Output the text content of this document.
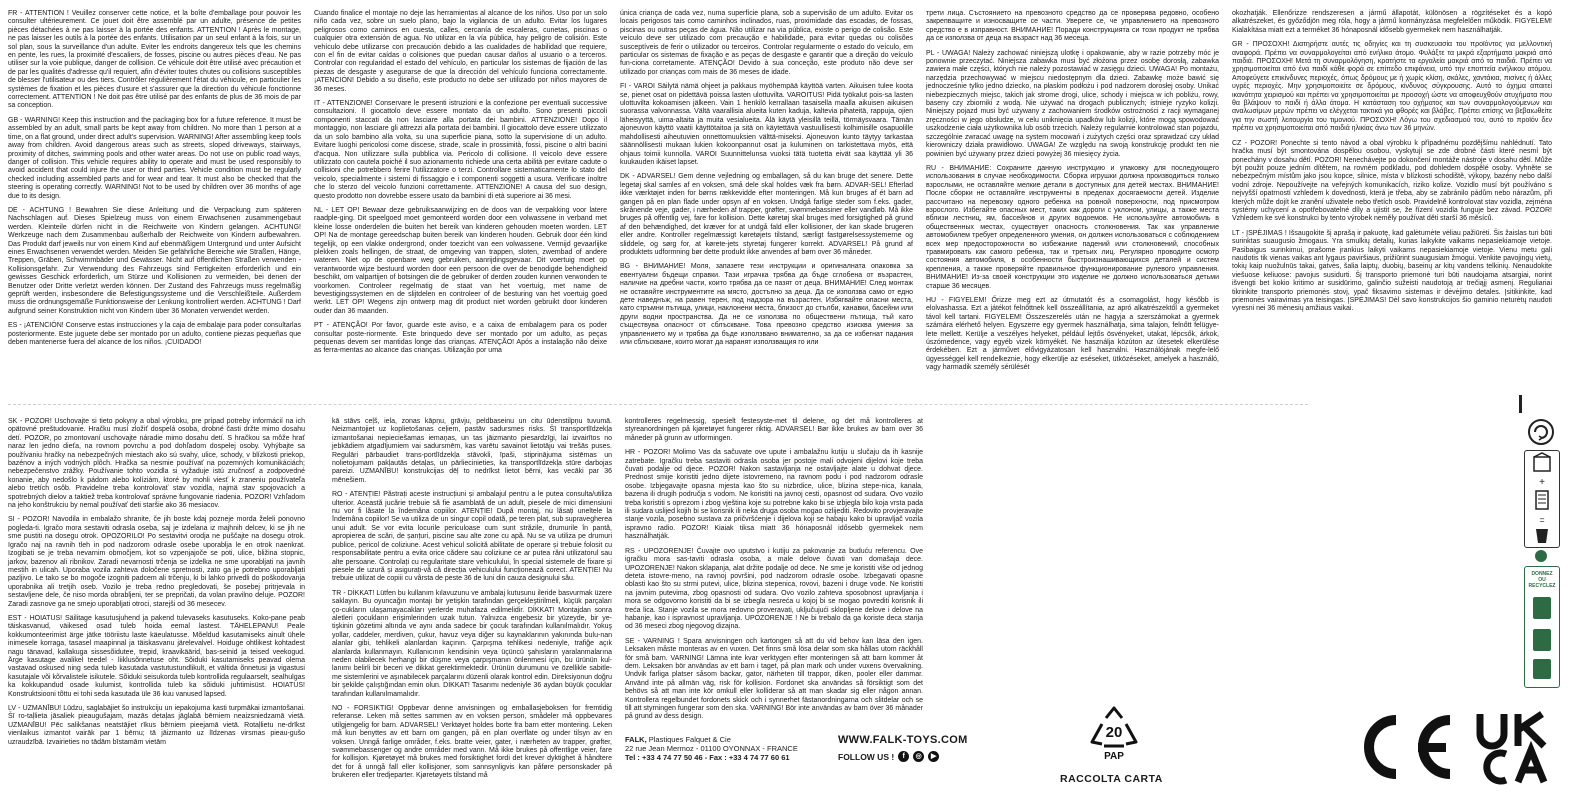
FR - ATTENTION ! Veuillez conserver cette notice, et la boîte d'emballage pour pouvoir les consulter ultérieurement. Ce jouet doit être assemblé par un adulte, présence de petites pièces détachées à ne pas laisser à la portée des enfants. ATTENTION ! Après le montage, ne pas laisser les outils à la portée des enfants. Utilisation par un seul enfant à la fois, sur un sol plan, sous la surveillance d'un adulte. Eviter les endroits dangereux tels que les chemins en pente, les rues, la proximité d'escaliers, de fosses, piscine ou autres pièces d'eau. Ne pas utiliser sur la voie publique, danger de collision. Ce véhicule doit être utilisé avec précaution et de par les qualités d'adresse qu'il requiert, afin d'éviter toutes chutes ou collisions susceptibles de blesser l'utilisateur ou des tiers. Contrôler régulièrement l'état du véhicule, en particulier les systèmes de fixation et les pièces d'usure et s'assurer que la direction du véhicule fonctionne correctement. ATTENTION ! Ne doit pas être utilisé par des enfants de plus de 36 mois de par sa conception.

GB - WARNING! Keep this instruction and the packaging box for a future reference. It must be assembled by an adult, small parts be kept away from children. No more than 1 person at a time, on a flat ground, under direct adult's supervision. WARNING! After assembling keep tools away from children. Avoid dangerous areas such as streets, sloped driveways, stairways, proximity of ditches, swimming pools and other water areas. Do not use on public road ways, danger of collision. This vehicle requires ability to operate and must be used responsibly to avoid accident that could injure the user or third parties. Vehicle condition must be regularly checked including assembled parts and for wear and tear. It must also be checked that the steering is operating correctly. WARNING! Not to be used by children over 36 months of age due to its design.

DE - ACHTUNG ! Bewahren Sie diese Anleitung und die Verpackung zum späteren Nachschlagen auf. Dieses Spielzeug muss von einem Erwachsenen zusammengebaut werden. Kleinteile dürfen nicht in die Reichweite von Kindern gelangen. ACHTUNG! Werkzeuge nach dem Zusammenbau außerhalb der Reichweite von Kindern aufbewahren. Das Produkt darf jeweils nur von einem Kind auf ebenmäßigem Untergrund und unter Aufsicht eines Erwachsenen verwendet werden. Meiden Sie gefährliche Bereiche wie Straßen, Hänge, Treppen, Gräben, Schwimmbäder und Gewässer. Nicht auf öffentlichen Straßen verwenden - Kollisionsgefahr. Zur Verwendung des Fahrzeugs sind Fertigkeiten erforderlich und ein gewisses Geschick erforderlich, um Stürze und Kollisionen zu vermeiden, bei denen der Benutzer oder Dritte verletzt werden können. Der Zustand des Fahrzeugs muss regelmäßig geprüft werden, insbesondere die Befestigungssysteme und die Verschleißteile. Außerdem muss die ordnungsgemäße Funktionsweise der Lenkung kontrolliert werden. ACHTUNG ! Darf aufgrund seiner Konstruktion nicht von Kindern über 36 Monaten verwendet werden.

ES - ¡ATENCIÓN! Conserve estas instrucciones y la caja de embalaje para poder consultarlas posteriormente. Este juguete debe ser montado por un adulto, contiene piezas pequeñas que deben mantenerse fuera del alcance de los niños. ¡CUIDADO!

Cuando finalice el montaje no deje las herramientas al alcance de los niños. Uso por un solo niño cada vez, sobre un suelo plano, bajo la vigilancia de un adulto. Evitar los lugares peligrosos como caminos en cuesta, calles, cercanía de escaleras, cunetas, piscinas o cualquier otra extensión de agua. No utilizar en la vía pública, hay peligro de colisión. Este vehículo debe utilizarse con precaución debido a las cualidades de habilidad que requiere, con el fin de evitar caídas o colisiones que puedan causar daños al usuario o a terceros. Controlar con regularidad el estado del vehículo, en particular los sistemas de fijación de las piezas de desgaste y asegurarse de que la dirección del vehículo funciona correctamente. ¡ATENCIÓN! Debido a su diseño, este producto no debe ser utilizado por niños mayores de 36 meses.

IT - ATTENZIONE! Conservare le presenti istruzioni e la confezione per eventuali successive consultazioni. Il giocattolo deve essere montato da un adulto. Sono presenti piccoli componenti staccati da non lasciare alla portata dei bambini. ATTENZIONE! Dopo il montaggio, non lasciare gli attrezzi alla portata dei bambini. Il giocattolo deve essere utilizzato da un solo bambino alla volta, su una superficie piana, sotto la supervisione di un adulto. Evitare luoghi pericolosi come discese, strade, scale in prossimità, fossi, piscine o altri bacini d'acqua. Non utilizzare sulla pubblica via. Pericolo di collisione. Il veicolo deve essere utilizzato con cautela poiché il suo azionamento richiede una certa abilità per evitare cadute o collisioni che potrebbero ferire l'utilizzatore o terzi. Controllare sistematicamente lo stato del veicolo, specialmente i sistemi di fissaggio e i componenti soggetti a usura. Verificare inoltre che lo sterzo del veicolo funzioni correttamente. ATTENZIONE! A causa del suo design, questo prodotto non dovrebbe essere usato da bambini di età superiore ai 36 mesi.

NL - LET OP! Bewaar deze gebruiksaanwijzing en de doos van de verpakking voor latere raadple-ging. Dit speelgoed moet gemonteerd worden door een volwassene in verband met kleine losse onderdelen die buiten het bereik van kinderen gehouden moeten worden. LET OP! Na de montage gereedschap buiten bereik van kinderen houden. Gebruik door één kind tegelijk, op een vlakke ondergrond, onder toezicht van een volwassene. Vermijd gevaarlijke plekken zoals hellingen, de straat, de omgeving van trappen, sloten, zwembad of andere wateren. Niet op de openbare weg gebruiken, aanrijdingsgevaar. Dit voertuig moet op verantwoorde wijze bestuurd worden door een persoon die over de benodigde behendigheid beschikt, om valpartijen of botsingen die de gebruiker of derden zouden kunnen verwonden te voorkomen. Controleer regelmatig de staat van het voertuig, met name de bevestigingssystemen en de slijtdelen en controleer of de besturing van het voertuig goed werkt. LET OP! Wegens zijn ontwerp mag dit product niet worden gebruikt door kinderen ouder dan 36 maanden.

PT - ATENÇÃO! Por favor, guarde este aviso, e a caixa de embalagem para os poder consultar poste-riormente. Este brinquedo deve ser montado por um adulto, as peças pequenas devem ser mantidas longe das crianças. ATENÇÃO! Após a instalação não deixe as ferra-mentas ao alcance das crianças. Utilização por uma

única criança de cada vez, numa superfície plana, sob a supervisão de um adulto. Evitar os locais perigosos tais como caminhos inclinados, ruas, proximidade das escadas, de fossas, piscinas ou outras peças de água. Não utilizar na via pública, existe o perigo de colisão. Este veículo deve ser utilizado com precaução e habilidade, para evitar quedas ou colisões susceptíveis de ferir o utilizador ou terceiros. Controlar regularmente o estado do veículo, em particular os sistemas de fixação e as peças de desgaste e garantir que a direção do veículo fun-ciona corretamente. ATENÇÃO! Devido à sua conceção, este produto não deve ser utilizado por crianças com mais de 36 meses de idade.

FI - VAROI Säilytä nämä ohjeet ja pakkaus myöhempää käyttöä varten. Aikuisen tulee koota se, pienet osat on pidettävä poissa lasten ulottuvilta. VAROITUS! Pidä työkalut pois-sa lasten ulottuvilta kokoamisen jälkeen. Vain 1 henkilö kerrallaan tasaisella maalla aikuisen aikuisen suorassa valvonnassa. Vältä vaarallisia alueita kuten kaduja, kaltevia pihateitä, rappuja, ojien läheisyyttä, uima-altaita ja muita vesialueita. Älä käytä yleisillä teillä, törmäysvaara. Tämän ajoneuvon käyttö vaatii käyttötaitoa ja sitä on käytettävä vastuullisesti kolhimisille osapuolille mahdollisesti aiheutuvien onnettomuuksien välttä-miseksi. Ajoneuvon kunto täytyy tarkastaa säännöllisesti mukaan lukien kokoonpannut osat ja kuluminen on tarkistettava myös, että ohjaus toimii kunnolla. VAROI Suunnittelunsa vuoksi tätä tuotetta eivät saa käyttää yli 36 kuukauden ikäiset lapset.

DK - ADVARSEL! Gem denne vejledning og emballagen, så du kan bruge det senere. Dette legetøj skal samles af en voksen, små dele skal holdes væk fra børn. ADVAR-SEL! Efterlad ikke værktøjet inden for børns rækkevidde efter monteringen. Må kun bruges af ét barn ad gangen på en plan flade under opsyn af en voksen. Undgå farlige steder som f.eks. gader, skrånende veje, gader, i nærheden af trapper, grøfter, svømmebassiner eller vandløb. Må ikke bruges på offentlig vej, fare for kollision. Dette køretøj skal bruges med forsigtighed på grund af den behændighed, det kræver for at undgå fald eller kollisioner, der kan skade brugeren eller andre. Kontroller regelmæssigt køretøjets tilstand, særligt fastgørelsessystemerne og sliddele, og sørg for, at kørete-jets styretøj fungerer korrekt. ADVARSEL! På grund af produktets udformning bør dette produkt ikke anvendes af børn over 36 måneder.

BG - ВНИМАНИЕ! Моля, запазете тези инструкции и оригиналната опаковка за евентуални бъдещи справки. Тази играчка трябва да бъде сглобена от възрастен, наличие на дребни части, които трябва да се пазят от деца. ВНИМАНИЕ! След монтаж не оставяйте инструментите на място, достъпно за деца. Да се използва само от едно дете наведнъж, на равен терен, под надзора на възрастен. Избягвайте опасни места, като стръмни пътища, улици, наклонени места, близост до стълби, канавки, басейни или други водни пространства. Да не се използва по обществени пътища, тъй като съществува опасност от сблъскване. Това превозно средство изисква умения за управлението му и трябва да бъде използвано внимателно, за да се избегнат падания или сблъскване, които могат да наранят използващия го или

трети лица. Състоянието на превозното средство да се проверява редовно, особено закрепващите и износващите се части. Уверете се, че управлението на превозното средство е в изправност. ВНИМАНИЕ! Поради конструкцията си този продукт не трябва да се използва от деца на възраст над 36 месеца.

PL - UWAGA! Należy zachować niniejszą ulotkę i opakowanie, aby w razie potrzeby móc je ponownie przeczytać. Niniejsza zabawka musi być złożona przez osobę dorosłą, zabawka zawiera małe części, których nie należy pozostawiać w zasięgu dzieci. UWAGA! Po montażu, narzędzia przechowywać w miejscu niedostępnym dla dzieci. Zabawkę może bawić się jednocześnie tylko jedno dziecko, na płaskim podłożu i pod nadzorem dorosłej osoby. Unikać niebezpiecznych miejsc, takich jak strome drogi, ulice, schody i miejsca w ich pobliżu, rowy, baseny czy zbiorniki z wodą. Nie używać na drogach publicznych; istnieje ryzyko kolizji. Niniejszy pojazd musi być używany z zachowaniem środków ostrożności z racji wymaganej zręczności w jego obsłudze, w celu uniknięcia upadków lub kolizji, które mogą spowodować uszkodzenie ciała użytkownika lub osób trzecich. Należy regularnie kontrolować stan pojazdu, szczególnie zwracać uwagę na system mocowań i zużytych części oraz sprawdzać czy układ kierowniczy działa prawidłowo. UWAGA! Ze względu na swoją konstrukcję produkt ten nie powinien być używany przez dzieci powyżej 36 miesięcy życia.

RU - ВНИМАНИЕ: Сохраните данную инструкцию и упаковку для последующего использования в случае необходимости. Сборка игрушки должна производиться только взрослыми, не оставляйте мелкие детали в доступных для детей местах. ВНИМАНИЕ! После сборки не оставляйте инструменты в пределах досягаемости детей. Изделие рассчитано на перевозку одного ребенка на ровной поверхности, под присмотром взрослого. Избегайте опасных мест, таких как дороги с уклоном, улицы, а также места вблизи лестниц, ям, бассейнов и других водоемов. Не используйте автомобиль в общественных местах, существует опасность столкновения. Так как управление автомобилем требует определенного умения, он должен использоваться с соблюдением всех мер предосторожности во избежание падений или столкновений, способных травмировать как самого ребенка, так и третьих лиц. Регулярно проводите осмотр состояния автомобиля, в особенности быстроизнашивающихся деталей и систем крепления, а также проверяйте правильное функционирование рулевого управления. ВНИМАНИЕ! Из-за своей конструкции это изделие не должно использоваться детьми старше 36 месяцев.

HU - FIGYELEM! Őrizze meg ezt az útmutatót és a csomagolást, hogy később is elolvashassa. Ezt a játékot felnőttnek kell összeállítania, az apró alkatrészektől a gyermeket távol kell tartani. FIGYELEM! Összeszerelés után ne hagyja a szerszámokat a gyermek számára elérhető helyen. Egyszerre egy gyermek használhatja, sima talajon, felnőtt felügye-lete mellett. Kerülje a veszélyes helyeket, például lejtős ösvényeket, utakat, lépcsők, árkok, úszómedence, vagy egyéb vizek környékét. Ne használja közúton az útesetek elkerülése érdekében. Ezt a járművet elővigyázatosan kell használni. Használójának megfe-lelő ügyességgel kell rendelkeznie, hogy elkerülje az eséseket, ütközéseket, amelyek a használó, vagy harmadik személy sérülését

okozhatják. Ellenőrizze rendszeresen a jármű állapotát, különösen a rögzítéseket és a kopó alkatrészeket, és győződjön meg róla, hogy a jármű kormányzása megfelelően működik. FIGYELEM! Kialakítása miatt ezt a terméket 36 hónaposnál idősebb gyermekek nem használhatják.

GR - ΠΡΟΣΟΧΗ! Διατηρήστε αυτές τις οδηγίες και τη συσκευασία του προϊόντος για μελλοντική αναφορά. Πρέπει να συναρμολογείται από ενήλικο άτομο. Φυλάξτε τα μικρά εξαρτήματα μακριά από παιδιά. ΠΡΟΣΟΧΗ! Μετά τη συναρμολόγηση, κρατήστε τα εργαλεία μακριά από τα παιδιά. Πρέπει να χρησιμοποιείται από ένα παιδί κάθε φορά σε επίπεδο επιφάνεια, υπό την εποπτεία ενήλικου ατόμου. Αποφεύγετε επικίνδυνες περιοχές, όπως δρόμους με ή χωρίς κλίση, σκάλες, χαντάκια, πισίνες ή άλλες υγρές περιοχές. Μην χρησιμοποιείτε σε δρόμους, κίνδυνος σύγκρουσης. Αυτό το όχημα απαιτεί ικανότητα χειρισμού και πρέπει να χρησιμοποιείται με προσοχή ώστε να αποφευχθούν ατυχήματα που θα βλάψουν το παιδί ή άλλα άτομα. Η κατάσταση του οχήματος και των συναρμολογούμενων και αναλωσίμων μερών πρέπει να ελέγχεται τακτικά για φθορές και βλάβες. Πρέπει επίσης να βεβαιωθείτε για την σωστή λειτουργία του τιμονιού. ΠΡΟΣΟΧΗ! Λόγω του σχεδιασμού του, αυτό το προϊόν δεν πρέπει να χρησιμοποιείται από παιδιά ηλικίας άνω των 36 μηνών.

CZ - POZOR! Ponechte si tento návod a obal výrobku k případnému pozdějšímu nahlédnutí. Tato hračka musí být smontována dospělou osobou, vyskytují se zde drobné části které nesmí být ponechány v dosahu dětí. POZOR! Nenechávejte po dokončení montáže nástroje v dosahu dětí. Může být použit pouze jedním dítětem, na rovném podkladu, pod dohledem dospělé osoby. Vyhněte se nebezpečným místům jako jsou kopce, silnice, místa v blízkosti schodiště, výkopy, bazény nebo další vodní zdroje. Nepoužívejte na veřejných komunikacích, riziko kolize. Vozidlo musí být používáno s nejvyšší opatrností vzhledem k dovednosti, která je třeba, aby se zabránilo pádům nebo nárazům, při kterých může dojít ke zranění uživatele nebo třetích osob. Pravidelně kontrolovat stav vozidla, zejména systémy uchycení a opotřebovatelné díly a ujistit se, že řízení vozidla funguje bez závad. POZOR! Vzhledem ke své konstrukci by tento výrobek neměly používat děti starší 36 měsíců.

LT - ĮSPĖJIMAS ! Išsaugokite šį aprašą ir pakuotę, kad galėtumėte vėliau pažiūrėti. Šis žaislas turi būti surinktas suaugusio žmogaus. Yra smulkių detalių, kurias laikykite vaikams nepasiekiamoje vietoje. Pasibaigus surinkimui, prašome įrankius laikyti vaikams nepasiekiamoje vietoje. Vienu metu gali naudotis tik vienas vaikas ant lygaus paviršiaus, prižiūrint suaugusiam žmogui. Venkite pavojingų vietų, tokių kaip nuožulnūs takai, gatvės, šalia laiptų, duobių, baseinų ar kitų vandens telkinių. Nenaudokite viešuose keliuose: pavojus susidurti. Šį transporto priemonė turi būti naudojama atsargiai, norint išvengti bet kokio kritimo ar susidūrimo, galinčio sužeisti naudotoją ar trečiąjį asmenį. Reguliariai tikrinkite transporto priemonės stovį, ypač fiksavimo sistemas ir dėvėjimo detales. Įsitikinkite, kad priemonės vairavimas yra teisingas. ĮSPĖJIMAS! Dėl savo konstrukcijos šio gaminio neturėtų naudoti vyresni nei 36 mėnesių amžiaus vaikai.

SK - POZOR! Uschovajte si tieto pokyny a obal výrobku, pre prípad potreby informácií na ich opätovné preštudovanie. Hračku musí zložiť dospelá osoba, drobné časti držte mimo dosahu detí. POZOR, po zmontovaní uschovajte náradie mimo dosahu detí. S hračkou sa môže hrať naraz len jedno dieťa, na rovnom povrchu a pod dohľadom dospelej osoby. Vyhýbajte sa používaniu hračky na nebezpečných miestach ako sú svahy, ulice, schody, v blízkosti priekop, bazénov a iných vodných plôch. Hračka sa nesmie používať na pozemných komunikáciách; nebezpečenstvo zrážky. Používanie tohto vozidla si vyžaduje istú zručnosť a zodpovedné konanie, aby nedošlo k pádom alebo kolíziám, ktoré by mohli viesť k zraneniu používateľa alebo tretích osôb. Pravidelne treba kontrolovať stav vozidla, najmä stav spojovacích a spotrebných dielov a taktiež treba kontrolovať správne fungovanie riadenia. POZOR! Vzhľadom na jeho konštrukciu by nemal používať deti staršie ako 36 mesiacov.

SI - POZOR! Navodila in embalažo shranite, če jih boste kdaj pozneje morda želeli ponovno pogleda-ti. Igračo mora sestaviti odrasla oseba, saj je izdelana iz majhnih delcev, ki se jih ne sme pustiti na dosegu otrok. OPOZORILO! Po sestavitvi orodja ne puščajte na dosegu otrok. Igračo naj na ravnih tleh in pod nadzorom odrasle osebe uporablja le en otrok naenkrat. Izogibati se je treba nevarnim območjem, kot so vzpenjajoče se poti, ulice, bližina stopnic, jarkov, bazenov ali ribnikov. Zaradi nevarnosti trčenja se izdelka ne sme uporabljati na javnih mestih in ulicah. Uporaba vozila zahteva določene spretnosti, zato ga je potrebno uporabljati pazljivo. Le tako se bo mogoče izogniti padcem ali trčenju, ki bi lahko privedli do poškodovanja uporabnika ali tretjih oseb. Vozilo je treba redno pregledovati, še posebej pritrjevala in sestavljene dele, če niso morda obrabljeni, ter se prepričati, da volan pravilno deluje. POZOR! Zaradi zasnove ga ne smejo uporabljati otroci, starejši od 36 mesecev.

EST - HOIATUS! Säilitage kasutusjuhend ja pakend tulevaseks kasutuseks. Koko-pane peab täiskasvanud, väikesed osad tuleb hoida eemal lastest. TÄHELEPANU! Peale kokkumonteerimist ärge jätke tööriistu laste käeulatusse. Mõeldud kasutamiseks ainult ühele inimesele korraga, tasasel maapinnal ja täiskasvanu järelevalvel. Hoiduge ohtlikest kohtadest nagu tänavad, kallakuga sissesõidutee, trepid, kraavikäärid, bas-seinid ja teised veekogud. Ärge kasutage avalikel teedel - liiklusõnnetuse oht. Sõiduki kasutamiseks peavad olema vastavad oskused ning seda tuleb kasutada vastutustundlikult, et vältida õnnetusi ja vigastusi kasutajale või kõrvalistele isikutele. Sõiduki seisukorda tuleb kontrollida regulaarselt, sealhulgas ka kokkupandud osade kulumist, kontrollida tuleb ka sõiduki juhtimisüst. HOIATUS! Konstruktsiooni tõttu ei tohi seda kasutada üle 36 kuu vanused lapsed.

LV - UZMANĪBU! Lūdzu, saglabājiet šo instrukciju un iepakojuma kasti turpmākai izmantošanai. Šī ro-taļlieta jāsaliek pieaugušajam, mazās detaļas jāglabā bērniem neaizsniedzamā vietā. UZMANĪBU! Pēc salikšanas neatstājiet rīkus bērniem pieejamā vietā. Rotaļlietu ne-drīkst vienlaikus izmantot vairāk par 1 bērnu; tā jāizmanto uz līdzenas virsmas pieau-gušo uzraudzībā. Izvairieties no tādām bīstamām vietām

kā stāvs ceļš, iela, zonas kāpņu, grāvju, peldbaseinu un citu ūdenstilpņu tuvumā. Neizmantojiet uz koplietošanas ceļiem, pastāv sadursmes risks. Šī transportlīdzekļa izmantošanai nepieciešamas iemaņas, un tas jāizmanto piesardzīgi, lai izvairītos no jebkādiem atgadījumiem vai sadursmēm, kas varētu savainot lietotāju vai trešās puses. Regulāri pārbaudiet trans-portlīdzekļa stāvokli, īpaši, stiprinājuma sistēmas un nolietojumam pakļautās detaļas, un pārliecinieties, ka transportlīdzekļa stūre darbojas pareizi. UZMANĪBU! konstrukcijas dēļ to nedrīkst lietot bērni, kas vecāki par 36 mēnešiem.

RO - ATENȚIE! Păstrați aceste instrucțiuni și ambalajul pentru a le putea consulta/utiliza ulterior. Această jucărie trebuie să fie asamblată de un adult, piesele de mici dimensiuni nu vor fi lăsate la îndemâna copiilor. ATENȚIE! După montaj, nu lăsați uneltele la îndemâna copiilor! Se va utiliza de un singur copil odată, pe teren plat, sub supravegherea unui adult. Se vor evita locurile periculoase cum sunt străzile, drumurile în pantă, apropierea de scări, de șanțuri, piscine sau alte zone cu apă. Nu se va utiliza pe drumuri publice, pericol de coliziune. Acest vehicul solicită abilitate de operare și trebuie folosit cu responsabilitate pentru a evita orice căderе sau coliziune ce ar putea răni utilizatorul sau alte persoane. Controlați cu regularitate stare vehiculului, în special sistemele de fixare și piesele de uzură și asigurați-vă că direcția vehiculului funcționează corect. ATENȚIE! Nu trebuie utilizat de copiii cu vârsta de peste 36 de luni din cauza designului său.

TR - DİKKAT! Lütfen bu kullanım kılavuzunu ve ambalaj kutusunu ileride basvurmak üzere saklayın. Bu oyuncağın montajı bir yetişkin tarafından gerçekleştirilmeli, küçük parçaları ço-cukların ulaşamayacakları yerlerde muhafaza edilmelidir. DİKKAT! Montajdan sonra aletleri çocukların erişimlerinden uzak tutun. Yalnızca engebesiz bir yüzeyde, bir ye-tişkinin gözetimi altında ve aynı anda sadece bir çocuk tarafından kullanılmalıdır. Yokuş yollar, caddeler, merdiven, çukur, havuz veya diğer su kaynaklarının yakınında bulu-nan alanlar gibi, tehlikeli alanlardan kaçının. Çarpışma tehlikesi nedeniyle, trafiğe açık alanlarda kullanmayın. Kullanıcının kendisinin veya üçüncü şahısların yaralanmalarına neden olabilecek herhangi bir düşme veya çarpışmanın önlenmesi için, bu ürünün kul-lanımı belirli bir beceri ve dikkat gerektirmektedir. Ürünün durumunu ve özellikle sabitle-me sistemlerini ve aşınabilecek parçalarını düzenli olarak kontrol edin. Direksiyonun doğru bir şekilde çalıştığından emin olun. DİKKAT! Tasarımı nedeniyle 36 aydan büyük çocuklar tarafından kullanılmamalıdır.

NO - FORSIKTIG! Oppbevar denne anvisningen og emballasjeboksen for fremtidig referanse. Leken må settes sammen av en voksen person, smådeler må oppbevares utilgjengelig for barn. ADVARSEL! Verktøyet holdes borte fra barn etter montering. Leken må kun benyttes av ett barn om gangen, på en plan overflate og under tilsyn av en voksen. Unngå farlige områder, f.eks. bratte veier, gater, i nærheten av trapper, grøfter, svømmebassenger og andre områder med vann. Må ikke brukes på offentlige veier, fare for kollisjon. Kjøretøyet må brukes med forsiktighet fordi det krever dyktighet å håndtere det for å unngå fall eller kollisjoner, som sannsynligvis kan påføre personskader på brukeren eller tredjeparter. Kjøretøyets tilstand må

kontrolleres regelmessig, spesielt festesyste-met til delene, og det må kontrolleres at styreanordningen på kjøretøyet fungerer riktig. ADVARSEL! Bør ikke brukes av barn over 36 måneder på grunn av utformingen.

HR - POZOR! Molimo Vas da sačuvate ove upute i ambalažnu kutiju u slučaju da ih kasnije zatrebate. Igračku treba sastaviti odrasla osoba jer postoje mali odvojeni dijelovi koje treba čuvati podalje od djece. POZOR! Nakon sastavljanja ne ostavljajte alate u dohvat djece. Prednost smije koristiti jedno dijete istovremeno, na ravnom podu i pod nadzorom odrasle osobe. Izbjegavajte opasna mjesta kao što su nizbrdice, ulice, blizina stepe-nica, kanala, bazena ili drugih područja s vodom. Ne koristiti na javnoj cesti, opasnost od sudara. Ovo vozilo treba koristiti s oprezom i zbog vještina koje su potrebne kako bi se izbjegla bilo koja vrsta pada ili sudara uslijed kojih bi se korisnik ili neka druga osoba mogao ozlijediti. Redovito provjeravajte stanje vozila, posebno sustava za pričvršćenje i dijelova koji se habaju kako bi upravljač vozila ispravno radio. POZOR! Kiaiak tiksa miatt 36 hónaposnál idősebb gyermekek nem használhatják.

RS - UPOZORENJE! Čuvajte ovo uputstvo i kutiju za pakovanje za buduću referencu. Ove igračku mora sas-taviti odrasla osoba, a male delove čuvati van domašaja dece. UPOZORENJE! Nakon sklapanja, alat držite podalje od dece. Ne sme je koristiti više od jednog deteta istovre-meno, na ravnoj površini, pod nadzorom odrasle osobe. Izbegavati opasne oblasti kao što su strmi putevi, ulice, blizina stepenica, rovovi, bazeni i druge vode. Ne koristiti na javnim putevima, zbog opasnosti od sudara. Ovo vozilo zahteva sposobnost upravljanja i mora se odgovorno koristiti da bi se izbegla nesreća u kojoj bi se mogao povrediti korisnik ili treća lica. Stanje vozila se mora redovno proveravati, uključujući sklopljene delove i delove na habanje, kao i ispravnost upravljanja. UPOZORENJE ! Ne bi trebalo da ga koriste deca starija od 36 meseci zbog njegovog dizajna.

SE - VARNING ! Spara anvisningen och kartongen så att du vid behov kan läsa den igen. Leksaken måste monteras av en vuxen. Det finns små lösa delar som ska hållas utom räckhåll för små barn. VARNING! Lämna inte kvar verktygen efter monteringen så att barn kommer åt dem. Leksaken bör användas av ett barn i taget, på plan mark och under vuxens övervakning. Undvik farliga platser såsom backar, gator, närheten till trappor, diken, pooler eller dammar. Använd inte på allmän väg, risk för kollision. Fordonet ska användas så försiktigt som det behövs så att man inte kör omkull eller kolliderar så att man skadar sig eller någon annan. Kontrollera regelbundet fordonets skick och i synnerhet fästanordningarna och slitdelar och se till att styrningen fungerar som den ska. VARNING! Bör inte användas av barn över 36 månader på grund av dess design.

FALK, Plastiques Falquet & Cie
22 rue Jean Mermoz - 01100 OYONNAX - FRANCE
Tel : +33 4 74 77 50 46 - Fax : +33 4 74 77 60 61
WWW.FALK-TOYS.COM
FOLLOW US !	f	◎	▶
20
PAP
RACCOLTA CARTA
+
=
DONNEZ
OU
RECYCLEZ
